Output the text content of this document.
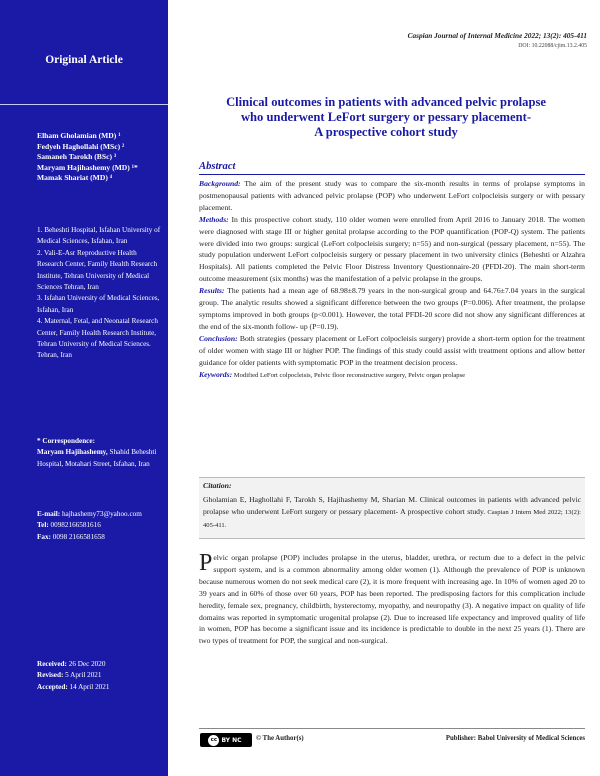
Original Article
Elham Gholamian (MD) ¹
Fedyeh Haghollahi (MSc) ²
Samaneh Tarokh (BSc) ³
Maryam Hajihashemy (MD) ¹*
Mamak Shariat (MD) ⁴
1. Beheshti Hospital, Isfahan University of Medical Sciences, Isfahan, Iran
2. Vali-E-Asr Reproductive Health Research Center, Family Health Research Institute, Tehran University of Medical Sciences Tehran, Iran
3. Isfahan University of Medical Sciences, Isfahan, Iran
4. Maternal, Fetal, and Neonatal Research Center, Family Health Research Institute, Tehran University of Medical Sciences. Tehran, Iran
* Correspondence:
Maryam Hajihashemy, Shahid Beheshti Hospital, Motahari Street, Isfahan, Iran
E-mail: hajhashemy73@yahoo.com
Tel: 00982166581616
Fax: 0098 2166581658
Received: 26 Dec 2020
Revised: 5 April 2021
Accepted: 14 April 2021
Caspian Journal of Internal Medicine 2022; 13(2): 405-411
DOI: 10.22088/cjim.13.2.405
Clinical outcomes in patients with advanced pelvic prolapse
who underwent LeFort surgery or pessary placement-
A prospective cohort study
Abstract

Background: The aim of the present study was to compare the six-month results in terms of prolapse symptoms in postmenopausal patients with advanced pelvic prolapse (POP) who underwent LeFort colpocleisis surgery or with pessary placement.

Methods: In this prospective cohort study, 110 older women were enrolled from April 2016 to January 2018. The women were diagnosed with stage III or higher genital prolapse according to the POP quantification (POP-Q) system. The patients were divided into two groups: surgical (LeFort colpocleisis surgery; n=55) and non-surgical (pessary placement, n=55). The study population underwent LeFort colpocleisis surgery or pessary placement in two university clinics (Beheshti or Alzahra Hospitals). All patients completed the Pelvic Floor Distress Inventory Questionnaire-20 (PFDI-20). The main short-term outcome measurement (six months) was the manifestation of a pelvic prolapse in the groups.

Results: The patients had a mean age of 68.98±8.79 years in the non-surgical group and 64.76±7.04 years in the surgical group. The analytic results showed a significant difference between the two groups (P=0.006). After treatment, the prolapse symptoms improved in both groups (p<0.001). However, the total PFDI-20 score did not show any significant differences at the end of the six-month follow- up (P=0.19).

Conclusion: Both strategies (pessary placement or LeFort colpocleisis surgery) provide a short-term option for the treatment of older women with stage III or higher POP. The findings of this study could assist with treatment options and allow better guidance for older patients with symptomatic POP in the treatment decision process.

Keywords: Modified LeFort colpocleisis, Pelvic floor reconstructive surgery, Pelvic organ prolapse

Citation:
Gholamian E, Haghollahi F, Tarokh S, Hajihashemy M, Sharian M. Clinical outcomes in patients with advanced pelvic prolapse who underwent LeFort surgery or pessary placement- A prospective cohort study. Caspian J Intern Med 2022; 13(2): 405-411.

Pelvic organ prolapse (POP) includes prolapse in the uterus, bladder, urethra, or rectum due to a defect in the pelvic support system, and is a common abnormality among older women (1). Although the prevalence of POP is unknown because numerous women do not seek medical care (2), it is more frequent with increasing age. In 10% of women aged 20 to 39 years and in 60% of those over 60 years, POP has been reported. The predisposing factors for this complication include heredity, female sex, pregnancy, childbirth, hysterectomy, myopathy, and neuropathy (3). A negative impact on quality of life domains was reported in symptomatic urogenital prolapse (2). Due to increased life expectancy and improved quality of life in women, POP has become a significant issue and its incidence is predictable to double in the next 25 years (1). There are two types of treatment for POP, the surgical and non-surgical.

cc BY NC © The Author(s)	Publisher: Babol University of Medical Sciences
